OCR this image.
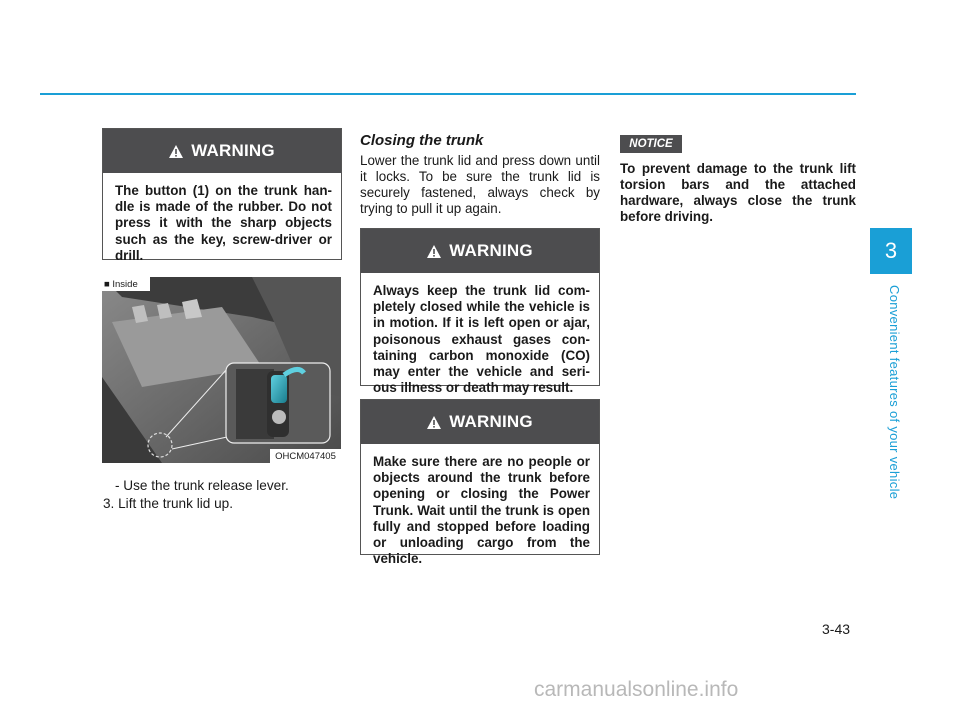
3
Convenient features of your vehicle
WARNING
The button (1) on the trunk han-dle is made of the rubber. Do not press it with the sharp objects such as the key, screw-driver or drill.
■ Inside
OHCM047405
- Use the trunk release lever.
3. Lift the trunk lid up.
Closing the trunk
Lower the trunk lid and press down until it locks. To be sure the trunk lid is securely fastened, always check by trying to pull it up again.
WARNING
Always keep the trunk lid com-pletely closed while the vehicle is in motion. If it is left open or ajar, poisonous exhaust gases con-taining carbon monoxide (CO) may enter the vehicle and seri-ous illness or death may result.
WARNING
Make sure there are no people or objects around the trunk before opening or closing the Power Trunk. Wait until the trunk is open fully and stopped before loading or unloading cargo from the vehicle.
NOTICE
To prevent damage to the trunk lift torsion bars and the attached hardware, always close the trunk before driving.
3-43
carmanualsonline.info
